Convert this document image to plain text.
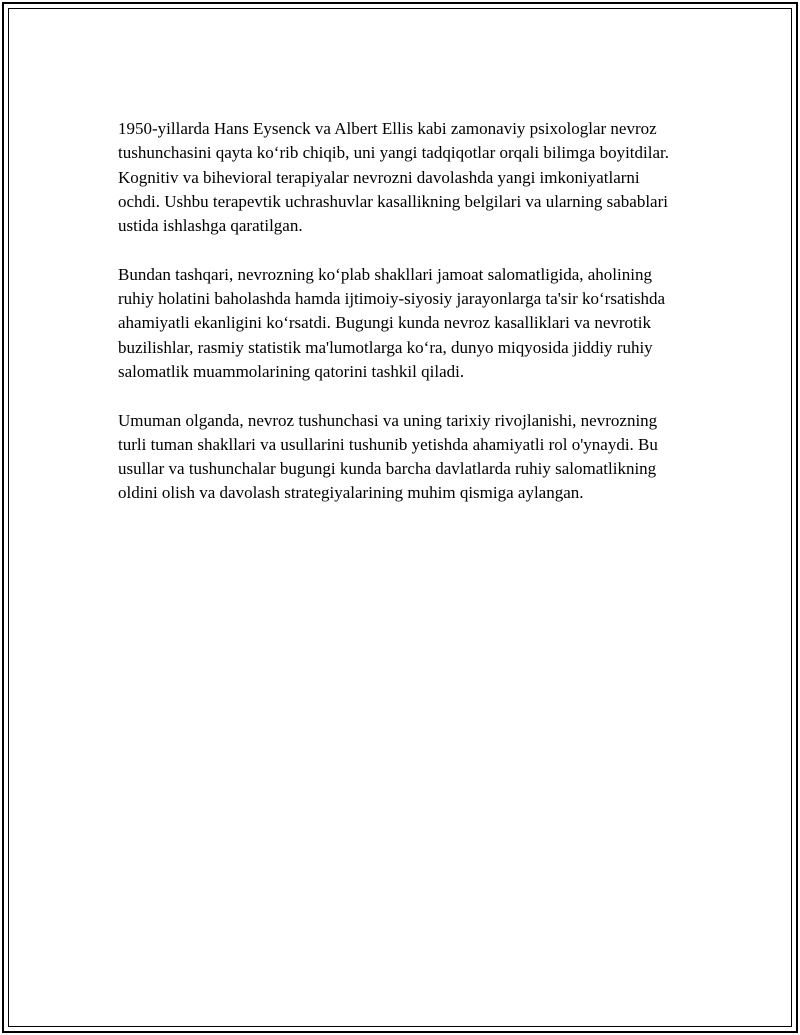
1950-yillarda Hans Eysenck va Albert Ellis kabi zamonaviy psixologlar nevroz tushunchasini qayta koʻrib chiqib, uni yangi tadqiqotlar orqali bilimga boyitdilar. Kognitiv va bihevioral terapiyalar nevrozni davolashda yangi imkoniyatlarni ochdi. Ushbu terapevtik uchrashuvlar kasallikning belgilari va ularning sabablari ustida ishlashga qaratilgan.

Bundan tashqari, nevrozning koʻplab shakllari jamoat salomatligida, aholining ruhiy holatini baholashda hamda ijtimoiy-siyosiy jarayonlarga ta'sir koʻrsatishda ahamiyatli ekanligini koʻrsatdi. Bugungi kunda nevroz kasalliklari va nevrotik buzilishlar, rasmiy statistik ma'lumotlarga koʻra, dunyo miqyosida jiddiy ruhiy salomatlik muammolarining qatorini tashkil qiladi.

Umuman olganda, nevroz tushunchasi va uning tarixiy rivojlanishi, nevrozning turli tuman shakllari va usullarini tushunib yetishda ahamiyatli rol o'ynaydi. Bu usullar va tushunchalar bugungi kunda barcha davlatlarda ruhiy salomatlikning oldini olish va davolash strategiyalarining muhim qismiga aylangan.
